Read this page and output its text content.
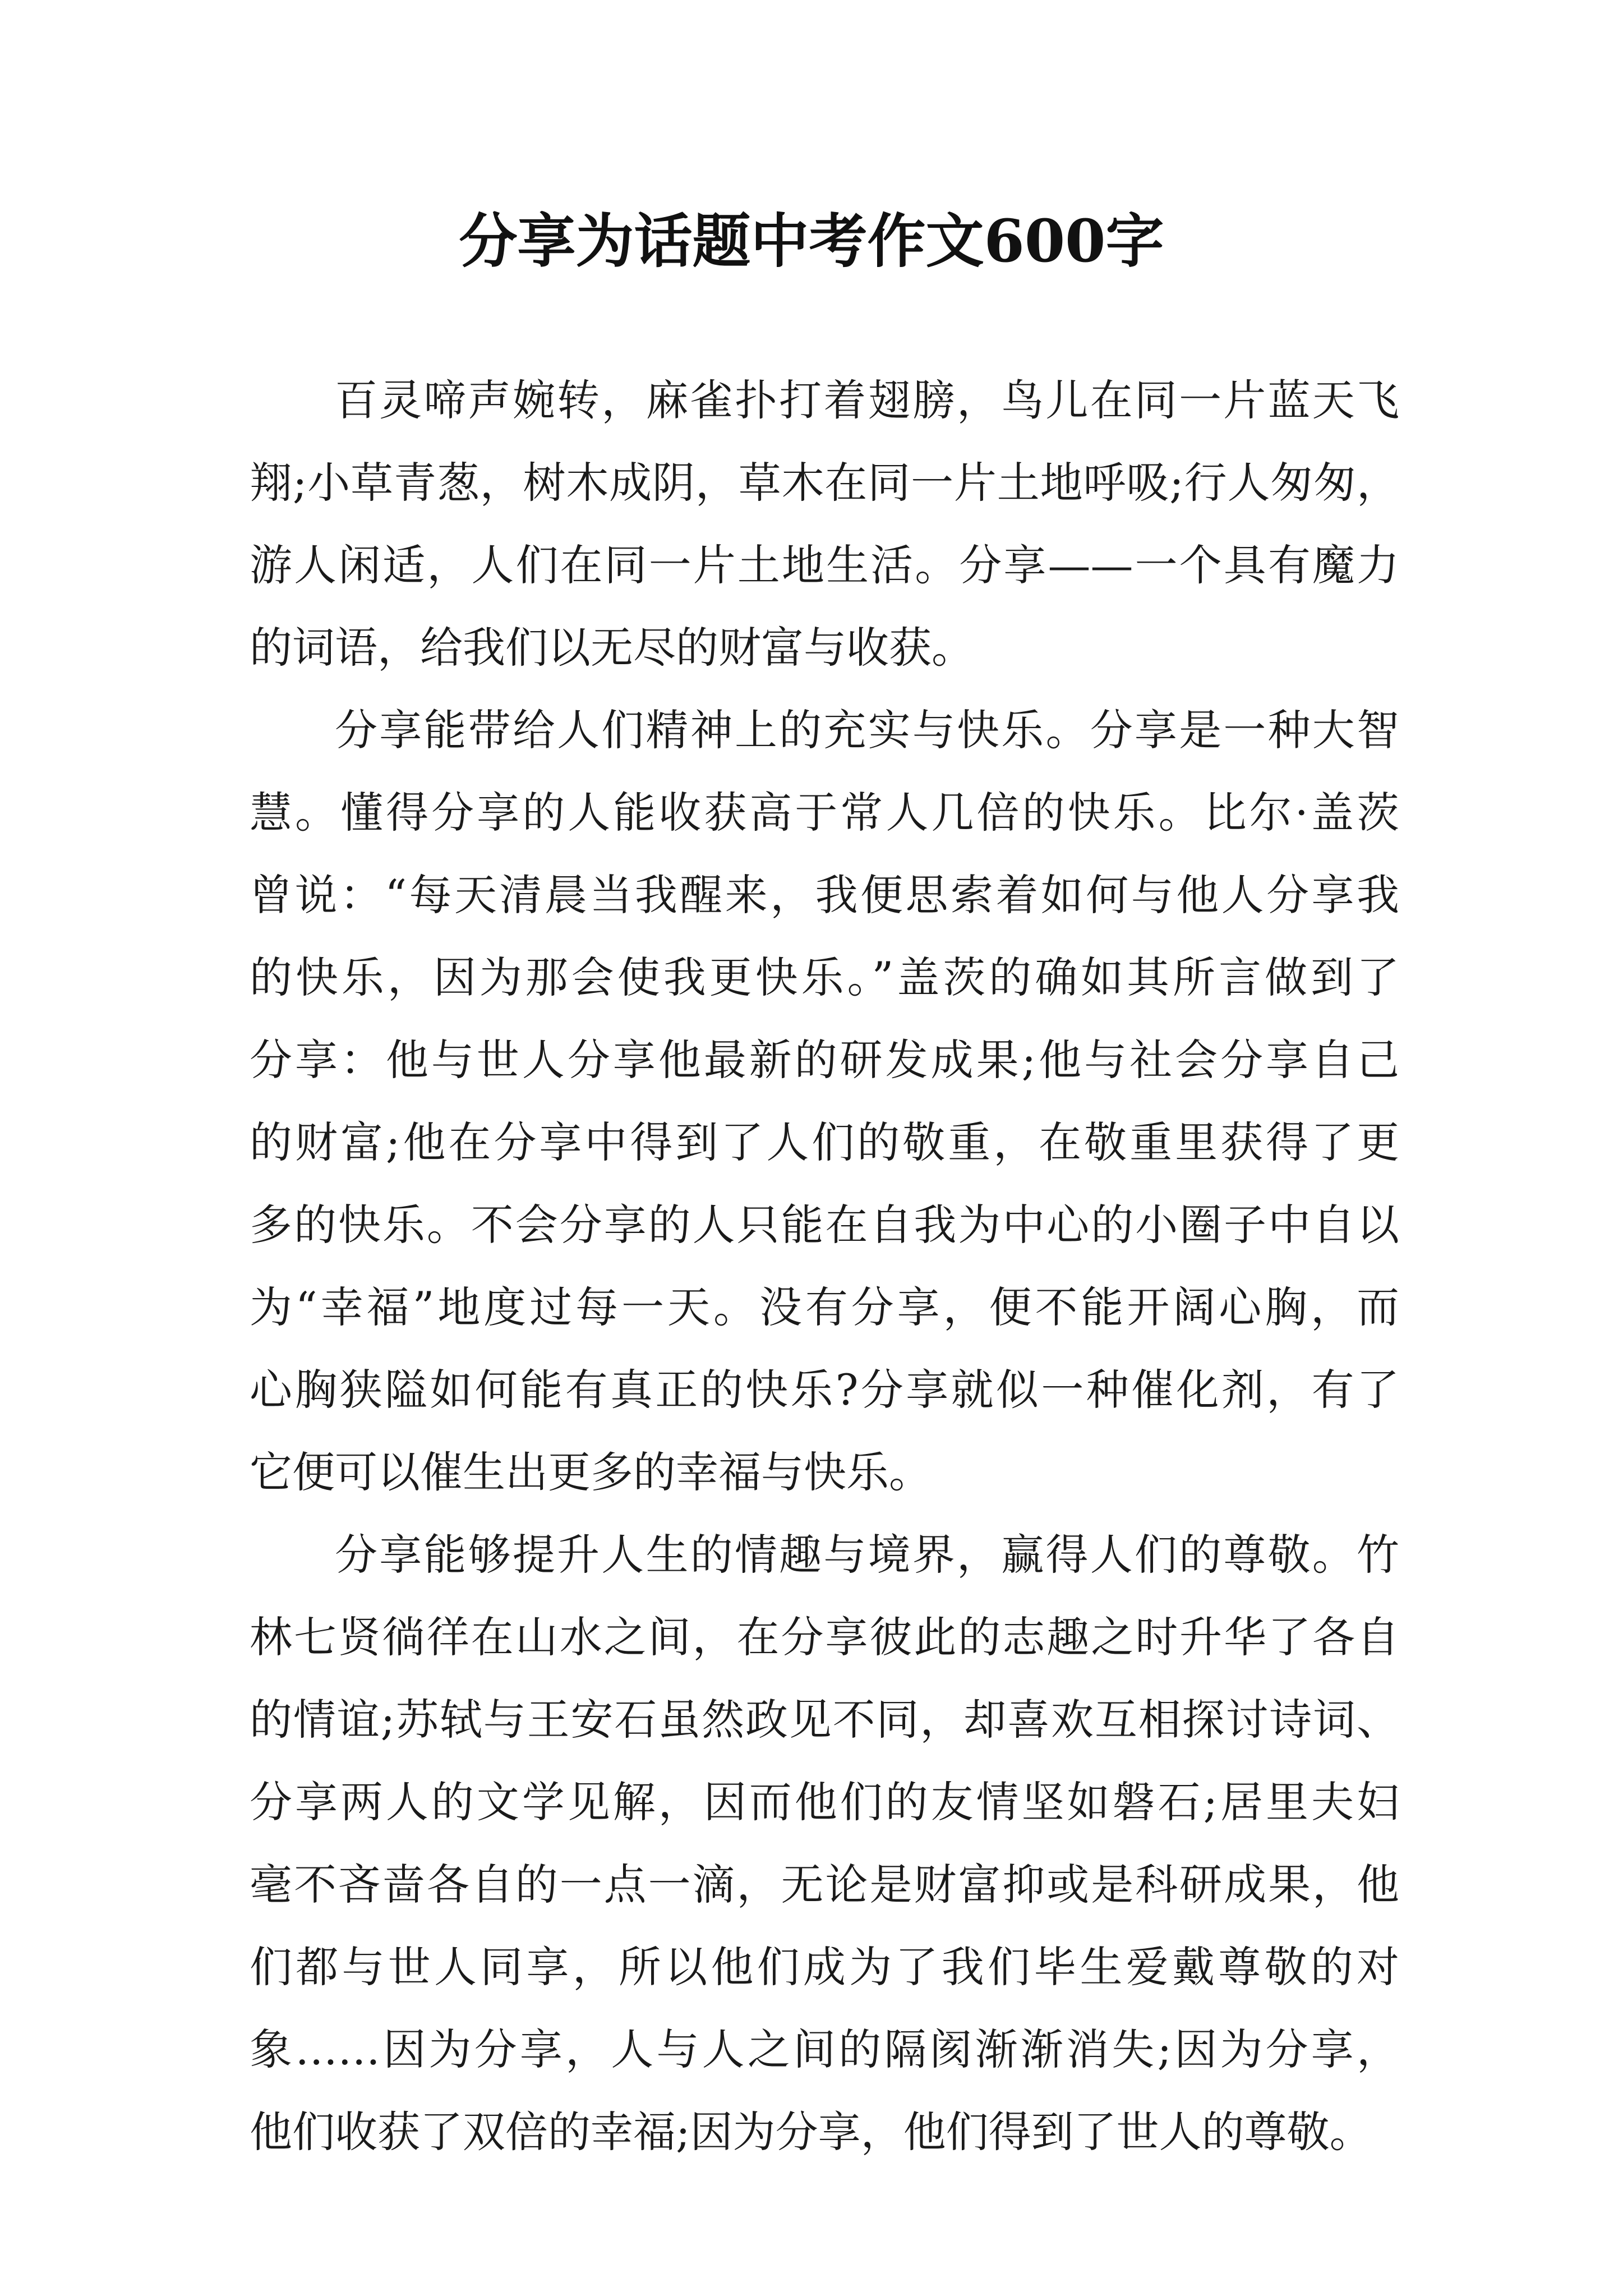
分享为话题中考作文600字
百灵啼声婉转，麻雀扑打着翅膀，鸟儿在同一片蓝天飞
翔;小草青葱，树木成阴，草木在同一片土地呼吸;行人匆匆，
游人闲适，人们在同一片土地生活。分享——一个具有魔力
的词语，给我们以无尽的财富与收获。
分享能带给人们精神上的充实与快乐。分享是一种大智
慧。懂得分享的人能收获高于常人几倍的快乐。比尔·盖茨
曾说：“每天清晨当我醒来，我便思索着如何与他人分享我
的快乐，因为那会使我更快乐。”盖茨的确如其所言做到了
分享：他与世人分享他最新的研发成果;他与社会分享自己
的财富;他在分享中得到了人们的敬重，在敬重里获得了更
多的快乐。不会分享的人只能在自我为中心的小圈子中自以
为“幸福”地度过每一天。没有分享，便不能开阔心胸，而
心胸狭隘如何能有真正的快乐?分享就似一种催化剂，有了
它便可以催生出更多的幸福与快乐。
分享能够提升人生的情趣与境界，赢得人们的尊敬。竹
林七贤徜徉在山水之间，在分享彼此的志趣之时升华了各自
的情谊;苏轼与王安石虽然政见不同，却喜欢互相探讨诗词、
分享两人的文学见解，因而他们的友情坚如磐石;居里夫妇
毫不吝啬各自的一点一滴，无论是财富抑或是科研成果，他
们都与世人同享，所以他们成为了我们毕生爱戴尊敬的对
象……因为分享，人与人之间的隔阂渐渐消失;因为分享，
他们收获了双倍的幸福;因为分享，他们得到了世人的尊敬。
